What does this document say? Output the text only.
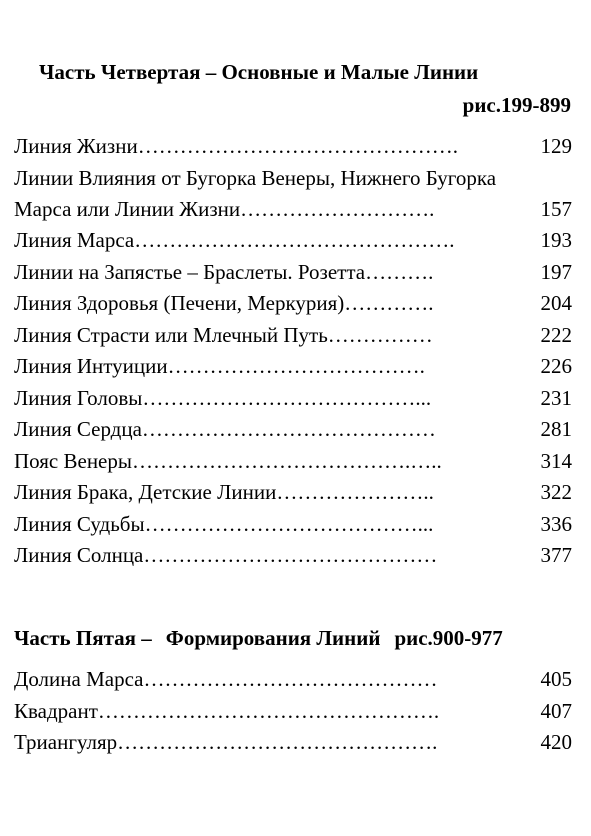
Часть Четвертая – Основные и Малые Линии
рис.199-899
Линия Жизни……………………………………….	129
Линии Влияния от Бугорка Венеры, Нижнего Бугорка
Марса или Линии Жизни……………………….	157
Линия Марса……………………………………….	193
Линии на Запястье – Браслеты. Розетта……….	197
Линия Здоровья (Печени, Меркурия)………….	204
Линия Страсти или Млечный Путь……………	222
Линия Интуиции……………………………….	226
Линия Головы…………………………………...	231
Линия Сердца……………………………………	281
Пояс Венеры………………………………….…..	314
Линия Брака, Детские Линии…………………..	322
Линия Судьбы…………………………………...	336
Линия Солнца……………………………………	377
Часть Пятая – Формирования Линий рис.900-977
Долина Марса……………………………………	405
Квадрант………………………………………….	407
Триангуляр……………………………………….	420
